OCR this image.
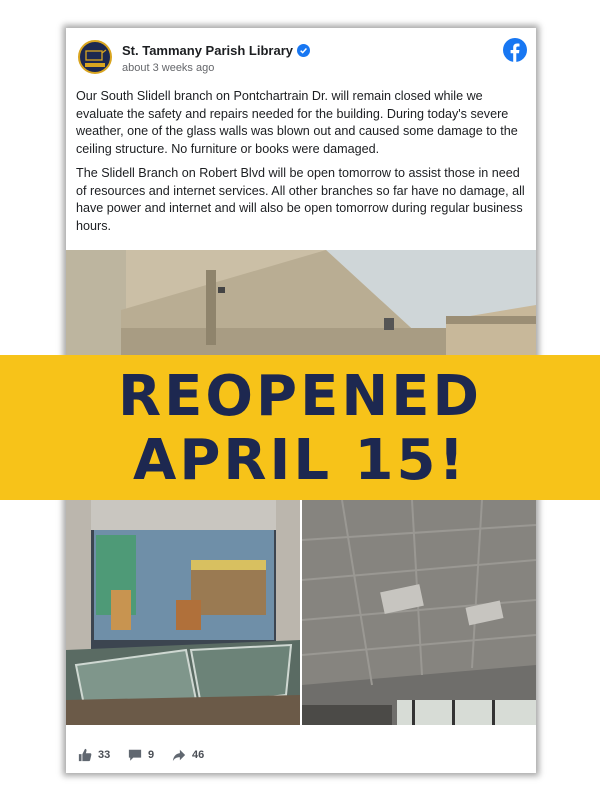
St. Tammany Parish Library
about 3 weeks ago

Our South Slidell branch on Pontchartrain Dr. will remain closed while we evaluate the safety and repairs needed for the building. During today's severe weather, one of the glass walls was blown out and caused some damage to the ceiling structure. No furniture or books were damaged.

The Slidell Branch on Robert Blvd will be open tomorrow to assist those in need of resources and internet services. All other branches so far have no damage, all have power and internet and will also be open tomorrow during regular business hours.

33	9	46
REOPENED
APRIL 15!
